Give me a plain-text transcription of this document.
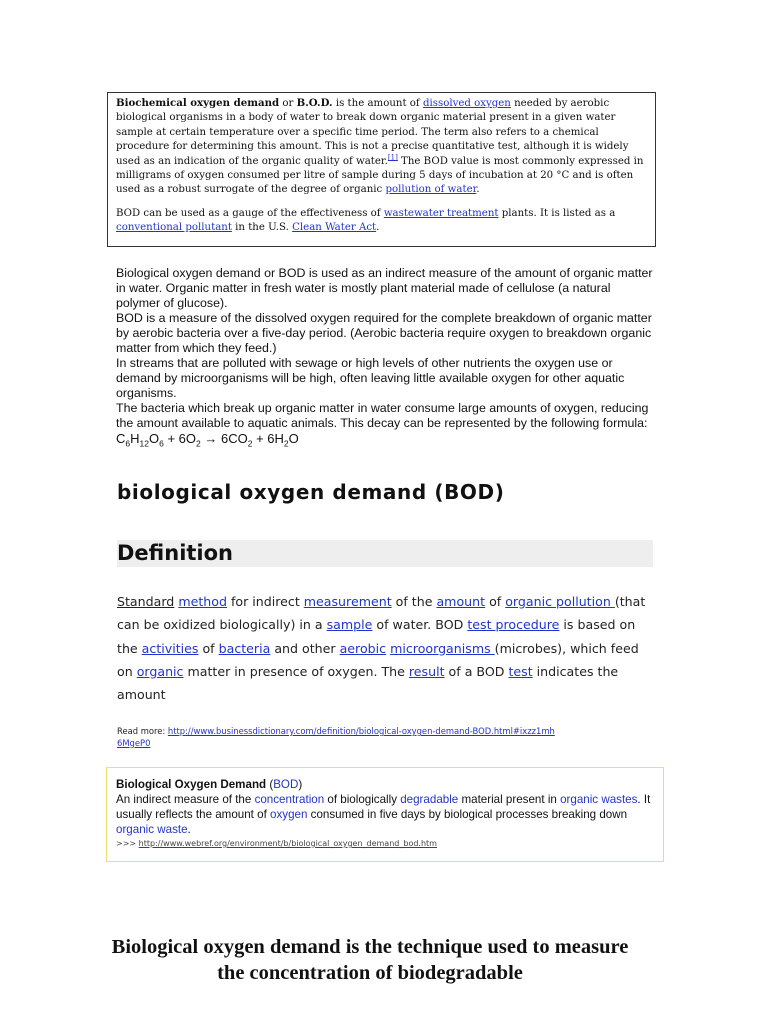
Biochemical oxygen demand or B.O.D. is the amount of dissolved oxygen needed by aerobic biological organisms in a body of water to break down organic material present in a given water sample at certain temperature over a specific time period. The term also refers to a chemical procedure for determining this amount. This is not a precise quantitative test, although it is widely used as an indication of the organic quality of water.[1] The BOD value is most commonly expressed in milligrams of oxygen consumed per litre of sample during 5 days of incubation at 20 °C and is often used as a robust surrogate of the degree of organic pollution of water.

BOD can be used as a gauge of the effectiveness of wastewater treatment plants. It is listed as a conventional pollutant in the U.S. Clean Water Act.

Biological oxygen demand or BOD is used as an indirect measure of the amount of organic matter in water. Organic matter in fresh water is mostly plant material made of cellulose (a natural polymer of glucose).
BOD is a measure of the dissolved oxygen required for the complete breakdown of organic matter by aerobic bacteria over a five-day period. (Aerobic bacteria require oxygen to breakdown organic matter from which they feed.)
In streams that are polluted with sewage or high levels of other nutrients the oxygen use or demand by microorganisms will be high, often leaving little available oxygen for other aquatic organisms.
The bacteria which break up organic matter in water consume large amounts of oxygen, reducing the amount available to aquatic animals. This decay can be represented by the following formula:
$C_6H_{12}O_6 + 6O_2 \to 6CO_2 + 6H_2O$
biological oxygen demand (BOD)
Definition
Standard method for indirect measurement of the amount of organic pollution (that can be oxidized biologically) in a sample of water. BOD test procedure is based on the activities of bacteria and other aerobic microorganisms (microbes), which feed on organic matter in presence of oxygen. The result of a BOD test indicates the amount
Read more: http://www.businessdictionary.com/definition/biological-oxygen-demand-BOD.html#ixzz1mh6MgeP0
Biological Oxygen Demand (BOD)
An indirect measure of the concentration of biologically degradable material present in organic wastes. It usually reflects the amount of oxygen consumed in five days by biological processes breaking down organic waste.
>>> http://www.webref.org/environment/b/biological_oxygen_demand_bod.htm
Biological oxygen demand is the technique used to measure the concentration of biodegradable
